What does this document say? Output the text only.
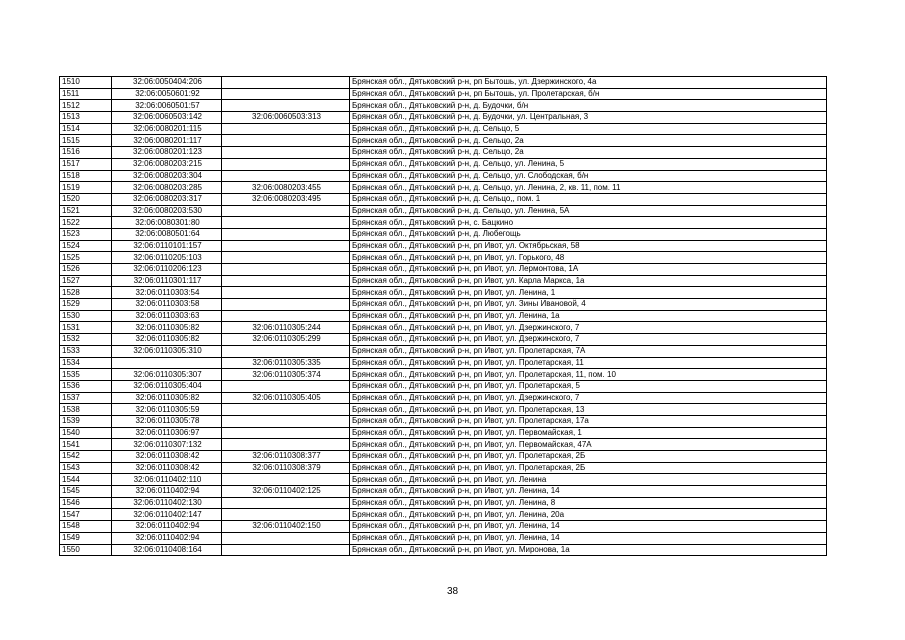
1510	32:06:0050404:206		Брянская обл., Дятьковский р-н, рп Бытошь, ул. Дзержинского, 4а
1511	32:06:0050601:92		Брянская обл., Дятьковский р-н, рп Бытошь, ул. Пролетарская, б/н
1512	32:06:0060501:57		Брянская обл., Дятьковский р-н, д. Будочки, б/н
1513	32:06:0060503:142	32:06:0060503:313	Брянская обл., Дятьковский р-н, д. Будочки, ул. Центральная, 3
1514	32:06:0080201:115		Брянская обл., Дятьковский р-н, д. Сельцо, 5
1515	32:06:0080201:117		Брянская обл., Дятьковский р-н, д. Сельцо, 2а
1516	32:06:0080201:123		Брянская обл., Дятьковский р-н, д. Сельцо, 2а
1517	32:06:0080203:215		Брянская обл., Дятьковский р-н, д. Сельцо, ул. Ленина, 5
1518	32:06:0080203:304		Брянская обл., Дятьковский р-н, д. Сельцо, ул. Слободская, б/н
1519	32:06:0080203:285	32:06:0080203:455	Брянская обл., Дятьковский р-н, д. Сельцо, ул. Ленина, 2, кв. 11, пом. 11
1520	32:06:0080203:317	32:06:0080203:495	Брянская обл., Дятьковский р-н, д. Сельцо,, пом. 1
1521	32:06:0080203:530		Брянская обл., Дятьковский р-н, д. Сельцо, ул. Ленина, 5А
1522	32:06:0080301:80		Брянская обл., Дятьковский р-н, с. Бацкино
1523	32:06:0080501:64		Брянская обл., Дятьковский р-н, д. Любегощь
1524	32:06:0110101:157		Брянская обл., Дятьковский р-н, рп Ивот, ул. Октябрьская, 58
1525	32:06:0110205:103		Брянская обл., Дятьковский р-н, рп Ивот, ул. Горького, 48
1526	32:06:0110206:123		Брянская обл., Дятьковский р-н, рп Ивот, ул. Лермонтова, 1А
1527	32:06:0110301:117		Брянская обл., Дятьковский р-н, рп Ивот, ул. Карла Маркса, 1а
1528	32:06:0110303:54		Брянская обл., Дятьковский р-н, рп Ивот, ул. Ленина, 1
1529	32:06:0110303:58		Брянская обл., Дятьковский р-н, рп Ивот, ул. Зины Ивановой, 4
1530	32:06:0110303:63		Брянская обл., Дятьковский р-н, рп Ивот, ул. Ленина, 1а
1531	32:06:0110305:82	32:06:0110305:244	Брянская обл., Дятьковский р-н, рп Ивот, ул. Дзержинского, 7
1532	32:06:0110305:82	32:06:0110305:299	Брянская обл., Дятьковский р-н, рп Ивот, ул. Дзержинского, 7
1533	32:06:0110305:310		Брянская обл., Дятьковский р-н, рп Ивот, ул. Пролетарская, 7А
1534		32:06:0110305:335	Брянская обл., Дятьковский р-н, рп Ивот, ул. Пролетарская, 11
1535	32:06:0110305:307	32:06:0110305:374	Брянская обл., Дятьковский р-н, рп Ивот, ул. Пролетарская, 11, пом. 10
1536	32:06:0110305:404		Брянская обл., Дятьковский р-н, рп Ивот, ул. Пролетарская, 5
1537	32:06:0110305:82	32:06:0110305:405	Брянская обл., Дятьковский р-н, рп Ивот, ул. Дзержинского, 7
1538	32:06:0110305:59		Брянская обл., Дятьковский р-н, рп Ивот, ул. Пролетарская, 13
1539	32:06:0110305:78		Брянская обл., Дятьковский р-н, рп Ивот, ул. Пролетарская, 17а
1540	32:06:0110306:97		Брянская обл., Дятьковский р-н, рп Ивот, ул. Первомайская, 1
1541	32:06:0110307:132		Брянская обл., Дятьковский р-н, рп Ивот, ул. Первомайская, 47А
1542	32:06:0110308:42	32:06:0110308:377	Брянская обл., Дятьковский р-н, рп Ивот, ул. Пролетарская, 2Б
1543	32:06:0110308:42	32:06:0110308:379	Брянская обл., Дятьковский р-н, рп Ивот, ул. Пролетарская, 2Б
1544	32:06:0110402:110		Брянская обл., Дятьковский р-н, рп Ивот, ул. Ленина
1545	32:06:0110402:94	32:06:0110402:125	Брянская обл., Дятьковский р-н, рп Ивот, ул. Ленина, 14
1546	32:06:0110402:130		Брянская обл., Дятьковский р-н, рп Ивот, ул. Ленина, 8
1547	32:06:0110402:147		Брянская обл., Дятьковский р-н, рп Ивот, ул. Ленина, 20а
1548	32:06:0110402:94	32:06:0110402:150	Брянская обл., Дятьковский р-н, рп Ивот, ул. Ленина, 14
1549	32:06:0110402:94		Брянская обл., Дятьковский р-н, рп Ивот, ул. Ленина, 14
1550	32:06:0110408:164		Брянская обл., Дятьковский р-н, рп Ивот, ул. Миронова, 1а
38
